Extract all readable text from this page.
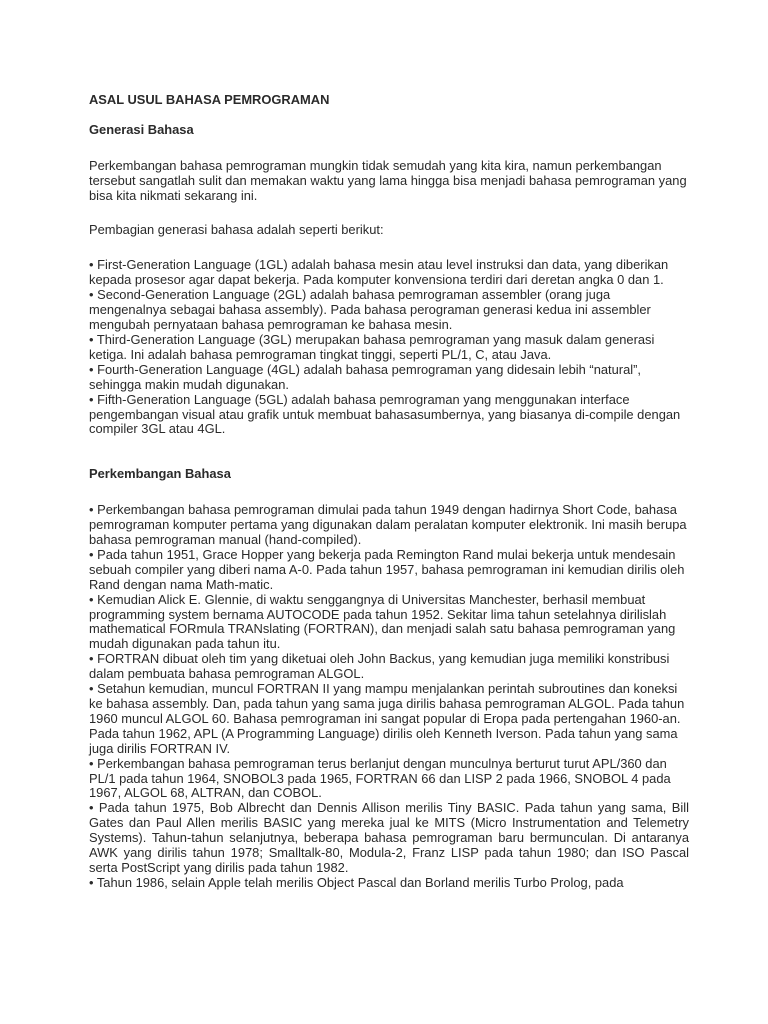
ASAL USUL BAHASA PEMROGRAMAN

Generasi Bahasa

Perkembangan bahasa pemrograman mungkin tidak semudah yang kita kira, namun perkembangan tersebut sangatlah sulit dan memakan waktu yang lama hingga bisa menjadi bahasa pemrograman yang bisa kita nikmati sekarang ini.

Pembagian generasi bahasa adalah seperti berikut:

• First-Generation Language (1GL) adalah bahasa mesin atau level instruksi dan data, yang diberikan kepada prosesor agar dapat bekerja. Pada komputer konvensiona terdiri dari deretan angka 0 dan 1.

• Second-Generation Language (2GL) adalah bahasa pemrograman assembler (orang juga mengenalnya sebagai bahasa assembly). Pada bahasa perograman generasi kedua ini assembler mengubah pernyataan bahasa pemrograman ke bahasa mesin.

• Third-Generation Language (3GL) merupakan bahasa pemrograman yang masuk dalam generasi ketiga. Ini adalah bahasa pemrograman tingkat tinggi, seperti PL/1, C, atau Java.

• Fourth-Generation Language (4GL) adalah bahasa pemrograman yang didesain lebih “natural”, sehingga makin mudah digunakan.

• Fifth-Generation Language (5GL) adalah bahasa pemrograman yang menggunakan interface pengembangan visual atau grafik untuk membuat bahasasumbernya, yang biasanya di-compile dengan compiler 3GL atau 4GL.

Perkembangan Bahasa

• Perkembangan bahasa pemrograman dimulai pada tahun 1949 dengan hadirnya Short Code, bahasa pemrograman komputer pertama yang digunakan dalam peralatan komputer elektronik. Ini masih berupa bahasa pemrograman manual (hand-compiled).

• Pada tahun 1951, Grace Hopper yang bekerja pada Remington Rand mulai bekerja untuk mendesain sebuah compiler yang diberi nama A-0. Pada tahun 1957, bahasa pemrograman ini kemudian dirilis oleh Rand dengan nama Math-matic.

• Kemudian Alick E. Glennie, di waktu senggangnya di Universitas Manchester, berhasil membuat programming system bernama AUTOCODE pada tahun 1952. Sekitar lima tahun setelahnya dirilislah mathematical FORmula TRANslating (FORTRAN), dan menjadi salah satu bahasa pemrograman yang mudah digunakan pada tahun itu.

• FORTRAN dibuat oleh tim yang diketuai oleh John Backus, yang kemudian juga memiliki konstribusi dalam pembuata bahasa pemrograman ALGOL.

• Setahun kemudian, muncul FORTRAN II yang mampu menjalankan perintah subroutines dan koneksi ke bahasa assembly. Dan, pada tahun yang sama juga dirilis bahasa pemrograman ALGOL. Pada tahun 1960 muncul ALGOL 60. Bahasa pemrograman ini sangat popular di Eropa pada pertengahan 1960-an. Pada tahun 1962, APL (A Programming Language) dirilis oleh Kenneth Iverson. Pada tahun yang sama juga dirilis FORTRAN IV.

• Perkembangan bahasa pemrograman terus berlanjut dengan munculnya berturut turut APL/360 dan PL/1 pada tahun 1964, SNOBOL3 pada 1965, FORTRAN 66 dan LISP 2 pada 1966, SNOBOL 4 pada 1967, ALGOL 68, ALTRAN, dan COBOL.

• Pada tahun 1975, Bob Albrecht dan Dennis Allison merilis Tiny BASIC. Pada tahun yang sama, Bill Gates dan Paul Allen merilis BASIC yang mereka jual ke MITS (Micro Instrumentation and Telemetry Systems). Tahun-tahun selanjutnya, beberapa bahasa pemrograman baru bermunculan. Di antaranya AWK yang dirilis tahun 1978; Smalltalk-80, Modula-2, Franz LISP pada tahun 1980; dan ISO Pascal serta PostScript yang dirilis pada tahun 1982.

• Tahun 1986, selain Apple telah merilis Object Pascal dan Borland merilis Turbo Prolog, pada
